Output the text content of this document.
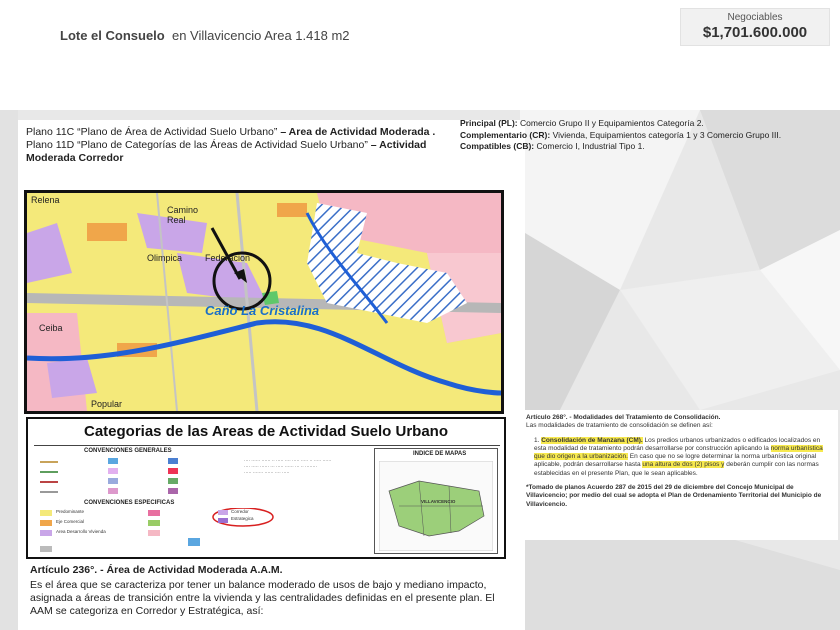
Lote el Consuelo en Villavicencio Area 1.418 m2
Negociables
$1,701.600.000
Plano 11C “Plano de Área de Actividad Suelo Urbano” – Area de Actividad Moderada .
Plano 11D “Plano de Categorías de las Áreas de Actividad Suelo Urbano” – Actividad Moderada Corredor
Relena
Camino
Real
Olimpica	Federacion
Caño La Cristalina
Ceiba
Popular
Categorias de las Areas de Actividad Suelo Urbano
CONVENCIONES GENERALES
···· ······ ······ ·· ····· ···· ····· ····· ·· ····· ······
···· ····· ······ ··· ····· ······ ··· ·· ········
····· ······· ······ ···· ·····
CONVENCIONES ESPECIFICAS
Predominante
Eje Comercial
Area Desarrollo Vivienda
Corredor
Estrategica
INDICE DE MAPAS
VILLAVICENCIO
Artículo 236°. - Área de Actividad Moderada A.A.M.
Es el área que se caracteriza por tener un balance moderado de usos de bajo y mediano impacto, asignada a áreas de transición entre la vivienda y las centralidades definidas en el presente plan. El AAM se categoriza en Corredor y Estratégica, así:
Principal (PL): Comercio Grupo II y Equipamientos Categoría 2.
Complementario (CR): Vivienda, Equipamientos categoría 1 y 3 Comercio Grupo III.
Compatibles (CB): Comercio I, Industrial Tipo 1.
Artículo 268°. - Modalidades del Tratamiento de Consolidación.
Las modalidades de tratamiento de consolidación se definen así:
1. Consolidación de Manzana (CM). Los predios urbanos urbanizados o edificados localizados en esta modalidad de tratamiento podrán desarrollarse por construcción aplicando la norma urbanística que dio origen a la urbanización. En caso que no se logre determinar la norma urbanística original aplicable, podrán desarrollarse hasta una altura de dos (2) pisos y deberán cumplir con las normas establecidas en el presente Plan, que le sean aplicables.
*Tomado de planos Acuerdo 287 de 2015 del 29 de diciembre del Concejo Municipal de Villavicencio; por medio del cual se adopta el Plan de Ordenamiento Territorial del Municipio de Villavicencio.
